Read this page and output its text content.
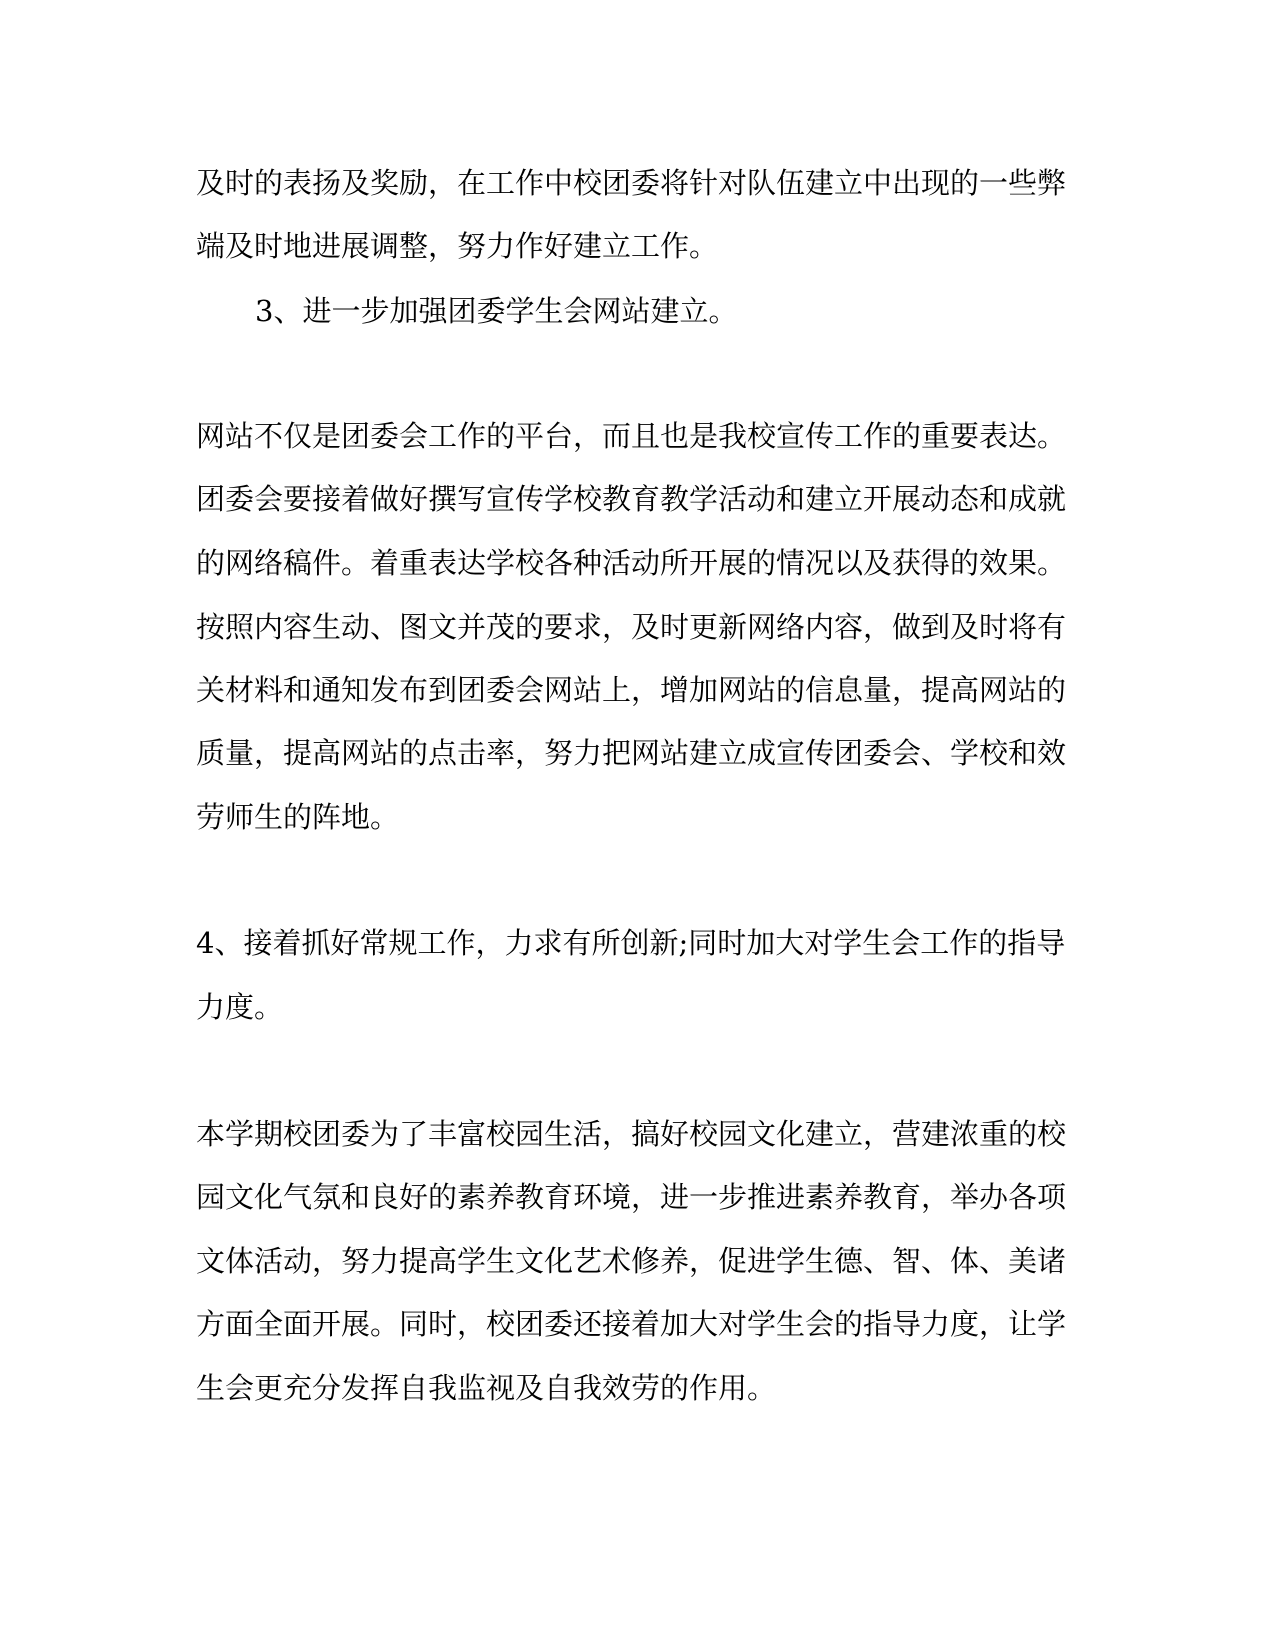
及时的表扬及奖励，在工作中校团委将针对队伍建立中出现的一些弊
端及时地进展调整，努力作好建立工作。
3、进一步加强团委学生会网站建立。
网站不仅是团委会工作的平台，而且也是我校宣传工作的重要表达。
团委会要接着做好撰写宣传学校教育教学活动和建立开展动态和成就
的网络稿件。着重表达学校各种活动所开展的情况以及获得的效果。
按照内容生动、图文并茂的要求，及时更新网络内容，做到及时将有
关材料和通知发布到团委会网站上，增加网站的信息量，提高网站的
质量，提高网站的点击率，努力把网站建立成宣传团委会、学校和效
劳师生的阵地。
4、接着抓好常规工作，力求有所创新;同时加大对学生会工作的指导
力度。
本学期校团委为了丰富校园生活，搞好校园文化建立，营建浓重的校
园文化气氛和良好的素养教育环境，进一步推进素养教育，举办各项
文体活动，努力提高学生文化艺术修养，促进学生德、智、体、美诸
方面全面开展。同时，校团委还接着加大对学生会的指导力度，让学
生会更充分发挥自我监视及自我效劳的作用。
